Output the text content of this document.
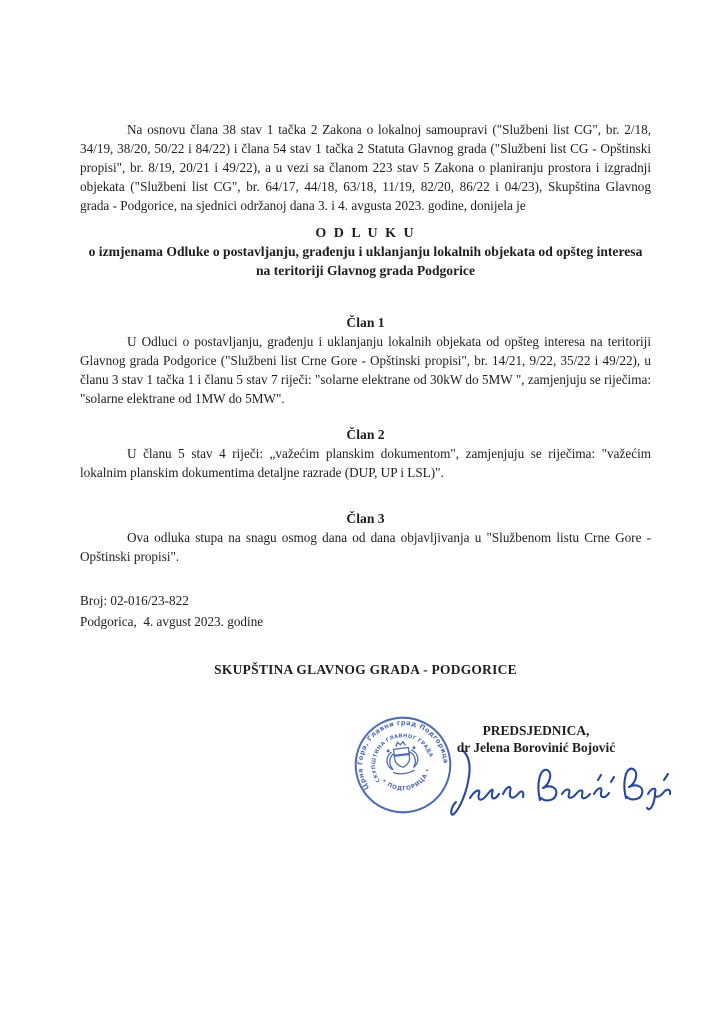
Na osnovu člana 38 stav 1 tačka 2 Zakona o lokalnoj samoupravi ("Službeni list CG", br. 2/18, 34/19, 38/20, 50/22 i 84/22) i člana 54 stav 1 tačka 2 Statuta Glavnog grada ("Službeni list CG - Opštinski propisi", br. 8/19, 20/21 i 49/22), a u vezi sa članom 223 stav 5 Zakona o planiranju prostora i izgradnji objekata ("Službeni list CG", br. 64/17, 44/18, 63/18, 11/19, 82/20, 86/22 i 04/23), Skupština Glavnog grada - Podgorice, na sjednici održanoj dana 3. i 4. avgusta 2023. godine, donijela je

O D L U K U

o izmjenama Odluke o postavljanju, građenju i uklanjanju lokalnih objekata od opšteg interesa na teritoriji Glavnog grada Podgorice

Član 1

U Odluci o postavljanju, građenju i uklanjanju lokalnih objekata od opšteg interesa na teritoriji Glavnog grada Podgorice ("Službeni list Crne Gore - Opštinski propisi", br. 14/21, 9/22, 35/22 i 49/22), u članu 3 stav 1 tačka 1 i članu 5 stav 7 riječi: "solarne elektrane od 30kW do 5MW ", zamjenjuju se riječima: "solarne elektrane od 1MW do 5MW".

Član 2

U članu 5 stav 4 riječi: „važećim planskim dokumentom", zamjenjuju se riječima: "važećim lokalnim planskim dokumentima detaljne razrade (DUP, UP i LSL)".

Član 3

Ova odluka stupa na snagu osmog dana od dana objavljivanja u "Službenom listu Crne Gore - Opštinski propisi".

Broj: 02-016/23-822
Podgorica,  4. avgust 2023. godine

SKUPŠTINA GLAVNOG GRADA - PODGORICE

Црна Гора, Главни град Подгорица
СКУПШТИНА ГЛАВНОГ ГРАДА
• ПОДГОРИЦА •
PREDSJEDNICA,
dr Jelena Borovinić Bojović
